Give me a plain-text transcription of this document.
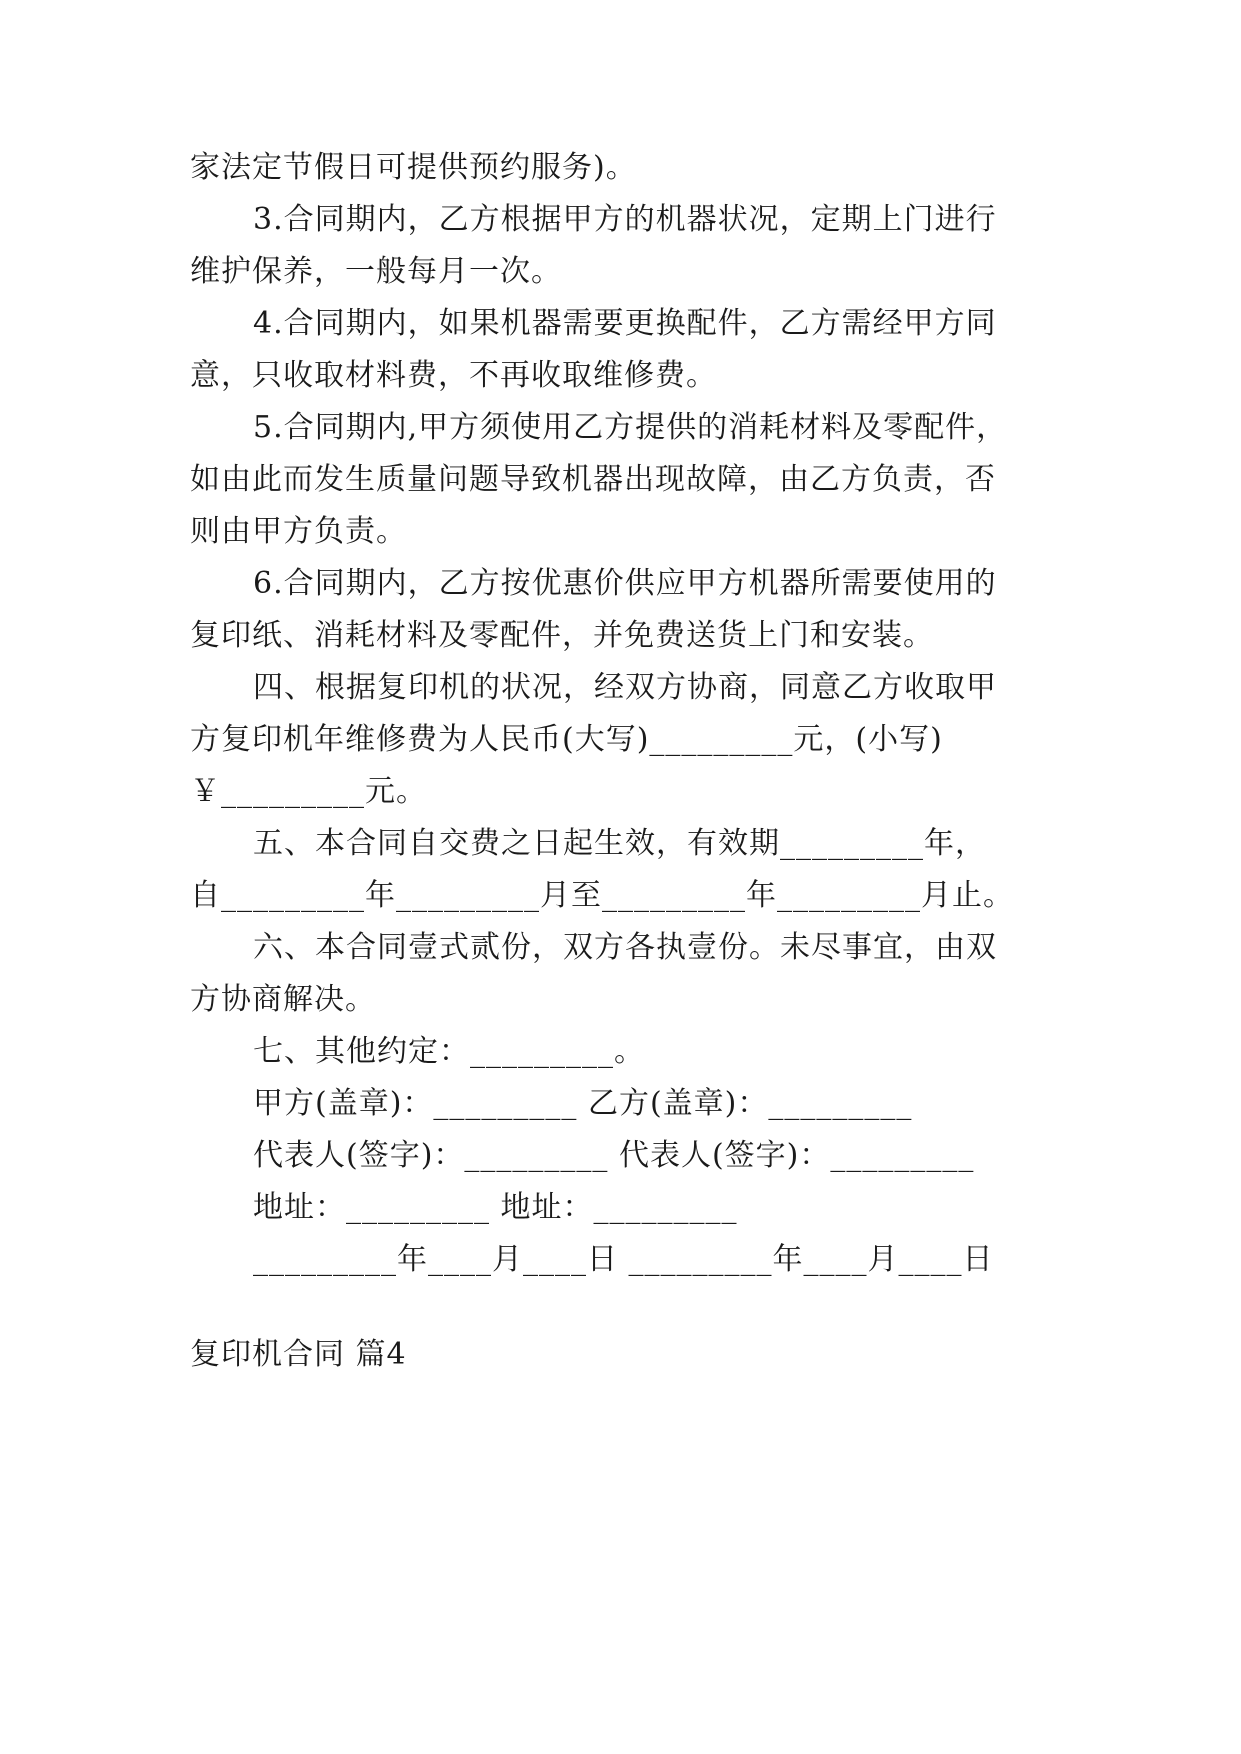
家法定节假日可提供预约服务)。
3.合同期内，乙方根据甲方的机器状况，定期上门进行
维护保养，一般每月一次。
4.合同期内，如果机器需要更换配件，乙方需经甲方同
意，只收取材料费，不再收取维修费。
5.合同期内,甲方须使用乙方提供的消耗材料及零配件，
如由此而发生质量问题导致机器出现故障，由乙方负责，否
则由甲方负责。
6.合同期内，乙方按优惠价供应甲方机器所需要使用的
复印纸、消耗材料及零配件，并免费送货上门和安装。
四、根据复印机的状况，经双方协商，同意乙方收取甲
方复印机年维修费为人民币(大写)_________元，(小写)
￥_________元。
五、本合同自交费之日起生效，有效期_________年，
自_________年_________月至_________年_________月止。
六、本合同壹式贰份，双方各执壹份。未尽事宜，由双
方协商解决。
七、其他约定：_________。
甲方(盖章)：_________ 乙方(盖章)：_________
代表人(签字)：_________ 代表人(签字)：_________
地址：_________ 地址：_________
_________年____月____日 _________年____月____日
复印机合同 篇4
